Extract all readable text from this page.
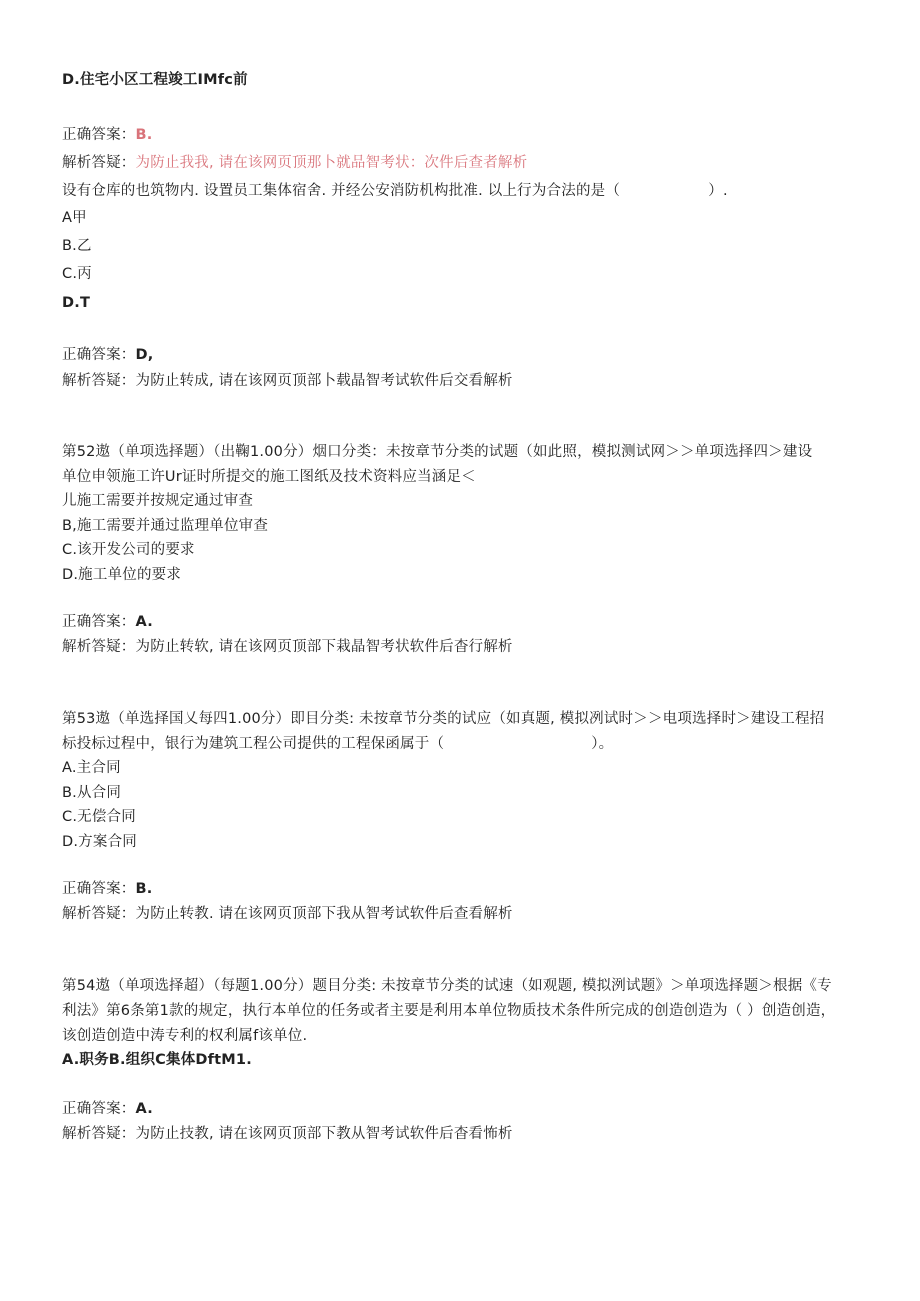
D.住宅小区工程竣工IMfc前
正确答案：B.
解析答疑：为防止我我, 请在该网页顶那卜就品智考状：次件后查者解析
设有仓库的也筑物内. 设置员工集体宿舍. 并经公安消防机构批准. 以上行为合法的是（　　　　　　）.
A甲
B.乙
C.丙
D.T
正确答案：D,
解析答疑：为防止转成, 请在该网页顶部卜载晶智考试软件后交看解析
第52遨（单项选择题）（出鞠1.00分）烟口分类：未按章节分类的试题（如此照，模拟测试网＞＞单项选择四＞建设
单位申领施工许Ur证时所提交的施工图纸及技术资料应当涵足＜
儿施工需要并按规定通过审查
B,施工需要并通过监理单位审查
C.该开发公司的要求
D.施工单位的要求
正确答案：A.
解析答疑：为防止转软, 请在该网页顶部下栽晶智考状软件后杳行解析
第53遨（单选择国乂每四1.00分）即目分类: 未按章节分类的试应（如真题, 模拟冽试时＞＞电项选择时＞建设工程招
标投标过程中，银行为建筑工程公司提供的工程保函属于（　　　　　　　　　　）。
A.主合同
B.从合同
C.无偿合同
D.方案合同
正确答案：B.
解析答疑：为防止转教. 请在该网页顶部下我从智考试软件后查看解析
第54遨（单项选择超）（每题1.00分）题目分类: 未按章节分类的试速（如观题, 模拟洌试题》＞单项选择题＞根据《专
利法》第6条第1款的规定，执行本单位的任务或者主要是利用本单位物质技术条件所完成的创造创造为（ ）创造创造，
该创造创造中涛专利的权利属f该单位.
A.职务B.组织C集体DftM1.
正确答案：A.
解析答疑：为防止技教, 请在该网页顶部下教从智考试软件后杳看怖析
